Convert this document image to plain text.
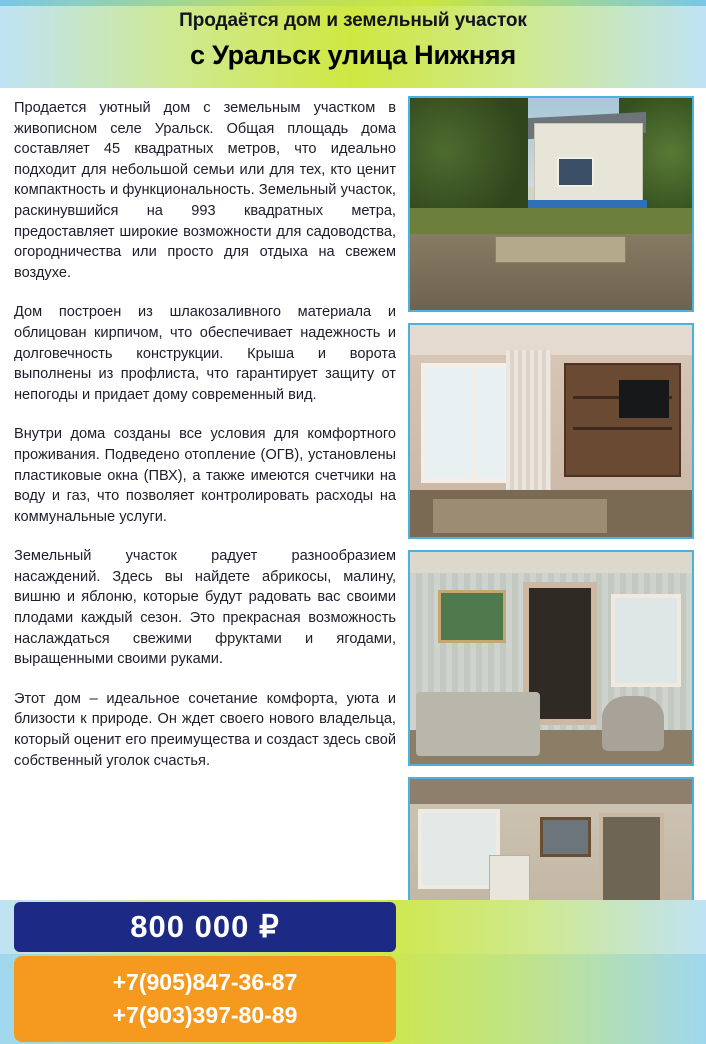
Продаётся дом и земельный участок
с Уральск улица Нижняя

Продается уютный дом с земельным участком в живописном селе Уральск. Общая площадь дома составляет 45 квадратных метров, что идеально подходит для небольшой семьи или для тех, кто ценит компактность и функциональность. Земельный участок, раскинувшийся на 993 квадратных метра, предоставляет широкие возможности для садоводства, огородничества или просто для отдыха на свежем воздухе.

Дом построен из шлакозаливного материала и облицован кирпичом, что обеспечивает надежность и долговечность конструкции. Крыша и ворота выполнены из профлиста, что гарантирует защиту от непогоды и придает дому современный вид.

Внутри дома созданы все условия для комфортного проживания. Подведено отопление (ОГВ), установлены пластиковые окна (ПВХ), а также имеются счетчики на воду и газ, что позволяет контролировать расходы на коммунальные услуги.

Земельный участок радует разнообразием насаждений. Здесь вы найдете абрикосы, малину, вишню и яблоню, которые будут радовать вас своими плодами каждый сезон. Это прекрасная возможность наслаждаться свежими фруктами и ягодами, выращенными своими руками.

Этот дом – идеальное сочетание комфорта, уюта и близости к природе. Он ждет своего нового владельца, который оценит его преимущества и создаст здесь свой собственный уголок счастья.

800 000 ₽
+7(905)847-36-87
+7(903)397-80-89
